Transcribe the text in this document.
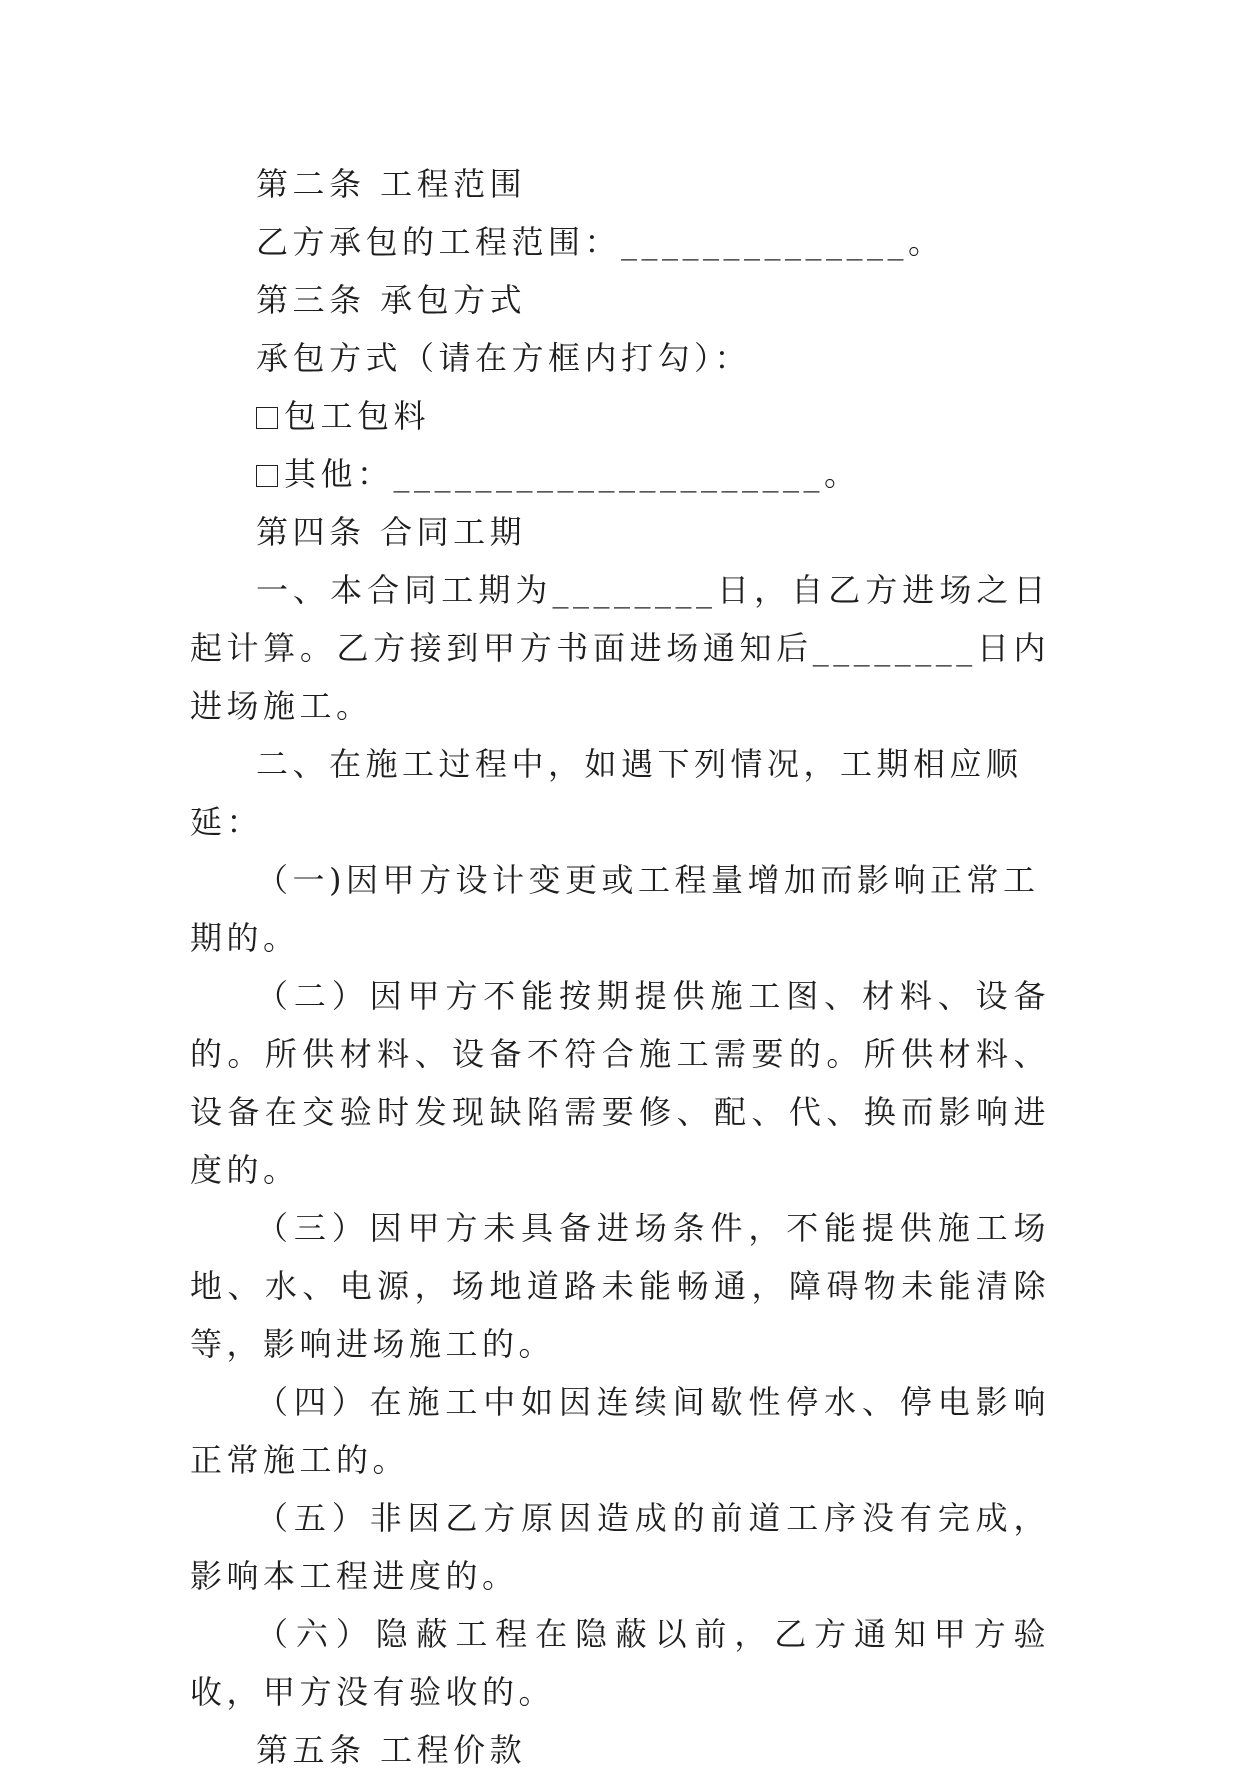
第二条 工程范围

乙方承包的工程范围：______________。

第三条 承包方式

承包方式（请在方框内打勾）：

包工包料

其他：_____________________。

第四条 合同工期

一、本合同工期为________日，自乙方进场之日起计算。乙方接到甲方书面进场通知后________日内进场施工。

二、在施工过程中，如遇下列情况，工期相应顺延：

（一)因甲方设计变更或工程量增加而影响正常工期的。

（二）因甲方不能按期提供施工图、材料、设备的。所供材料、设备不符合施工需要的。所供材料、设备在交验时发现缺陷需要修、配、代、换而影响进度的。

（三）因甲方未具备进场条件，不能提供施工场地、水、电源，场地道路未能畅通，障碍物未能清除等，影响进场施工的。

（四）在施工中如因连续间歇性停水、停电影响正常施工的。

（五）非因乙方原因造成的前道工序没有完成，影响本工程进度的。

（六）隐蔽工程在隐蔽以前，乙方通知甲方验收，甲方没有验收的。

第五条 工程价款
